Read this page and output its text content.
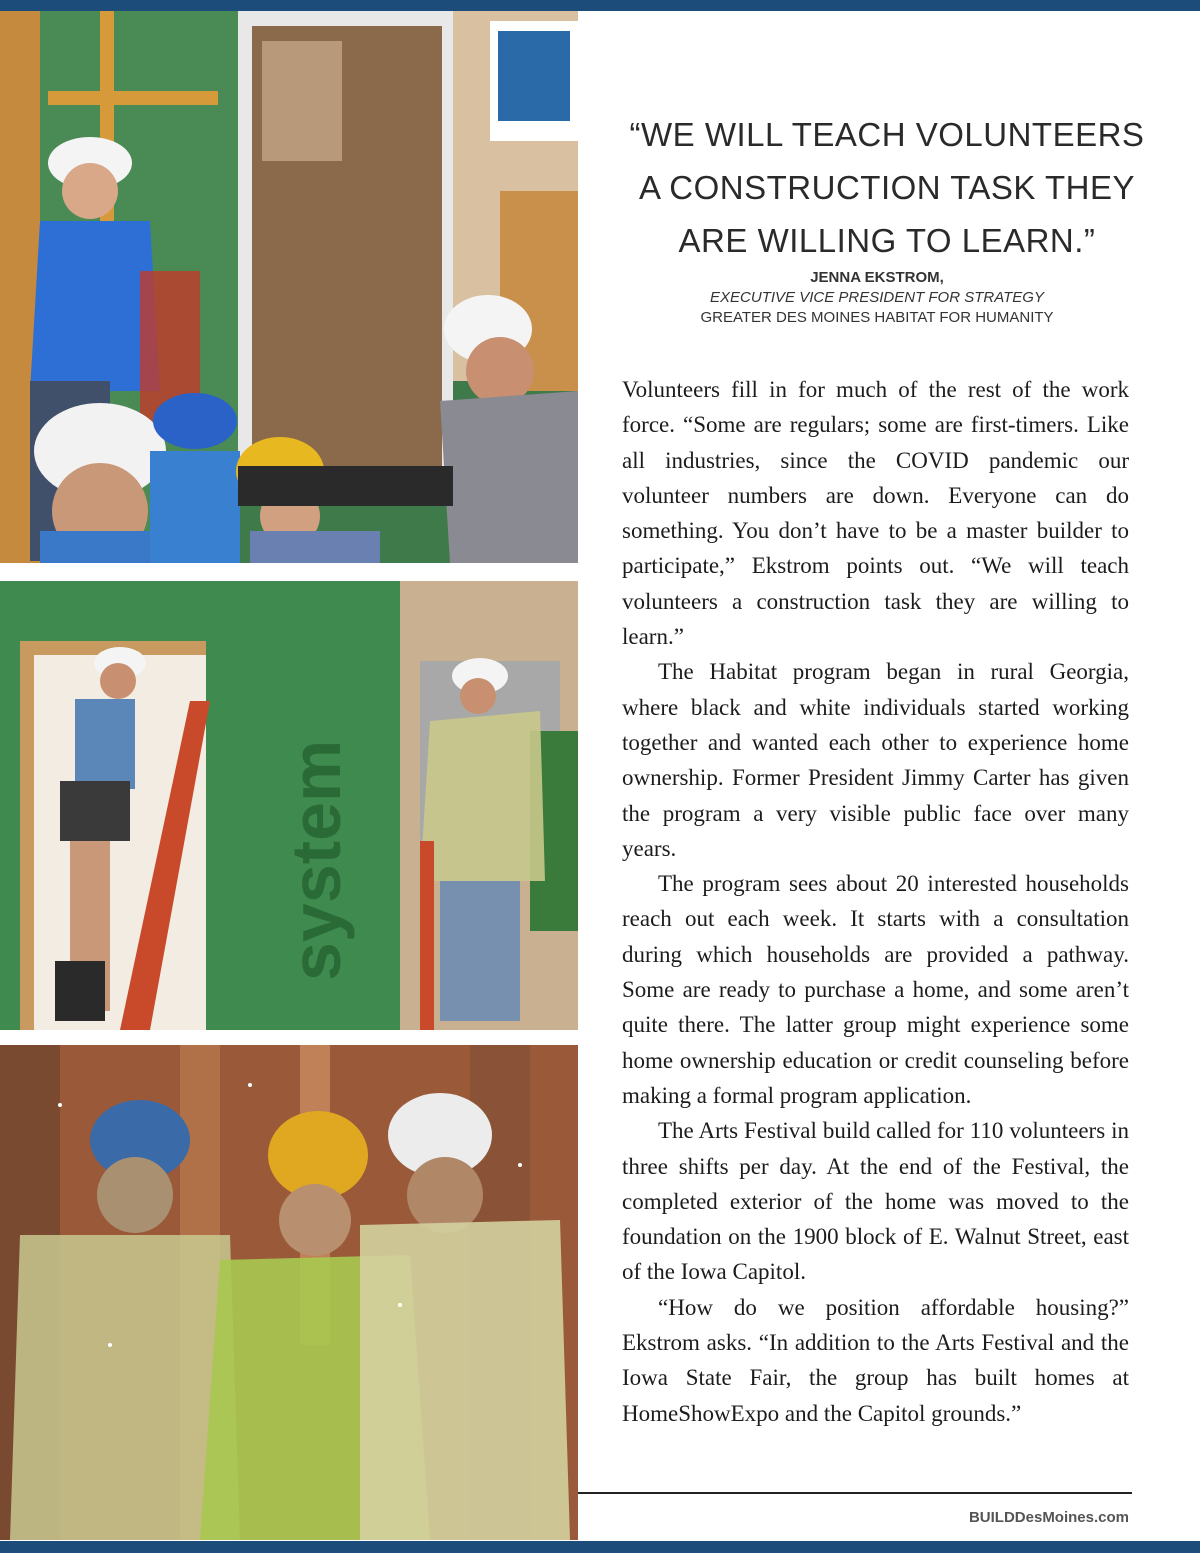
system
“WE WILL TEACH VOLUNTEERS
A CONSTRUCTION TASK THEY
ARE WILLING TO LEARN.”
JENNA EKSTROM,
EXECUTIVE VICE PRESIDENT FOR STRATEGY
GREATER DES MOINES HABITAT FOR HUMANITY

Volunteers fill in for much of the rest of the work force. “Some are regulars; some are first-timers. Like all industries, since the COVID pandemic our volunteer numbers are down. Everyone can do something. You don’t have to be a master builder to participate,” Ekstrom points out. “We will teach volunteers a construction task they are willing to learn.”

The Habitat program began in rural Georgia, where black and white individuals started working together and wanted each other to experience home ownership. Former President Jimmy Carter has given the program a very visible public face over many years.

The program sees about 20 interested households reach out each week. It starts with a consultation during which households are provided a pathway. Some are ready to purchase a home, and some aren’t quite there. The latter group might experience some home ownership education or credit counseling before making a formal program application.

The Arts Festival build called for 110 volunteers in three shifts per day. At the end of the Festival, the completed exterior of the home was moved to the foundation on the 1900 block of E. Walnut Street, east of the Iowa Capitol.

“How do we position affordable housing?” Ekstrom asks. “In addition to the Arts Festival and the Iowa State Fair, the group has built homes at HomeShowExpo and the Capitol grounds.”

BUILDDesMoines.com
